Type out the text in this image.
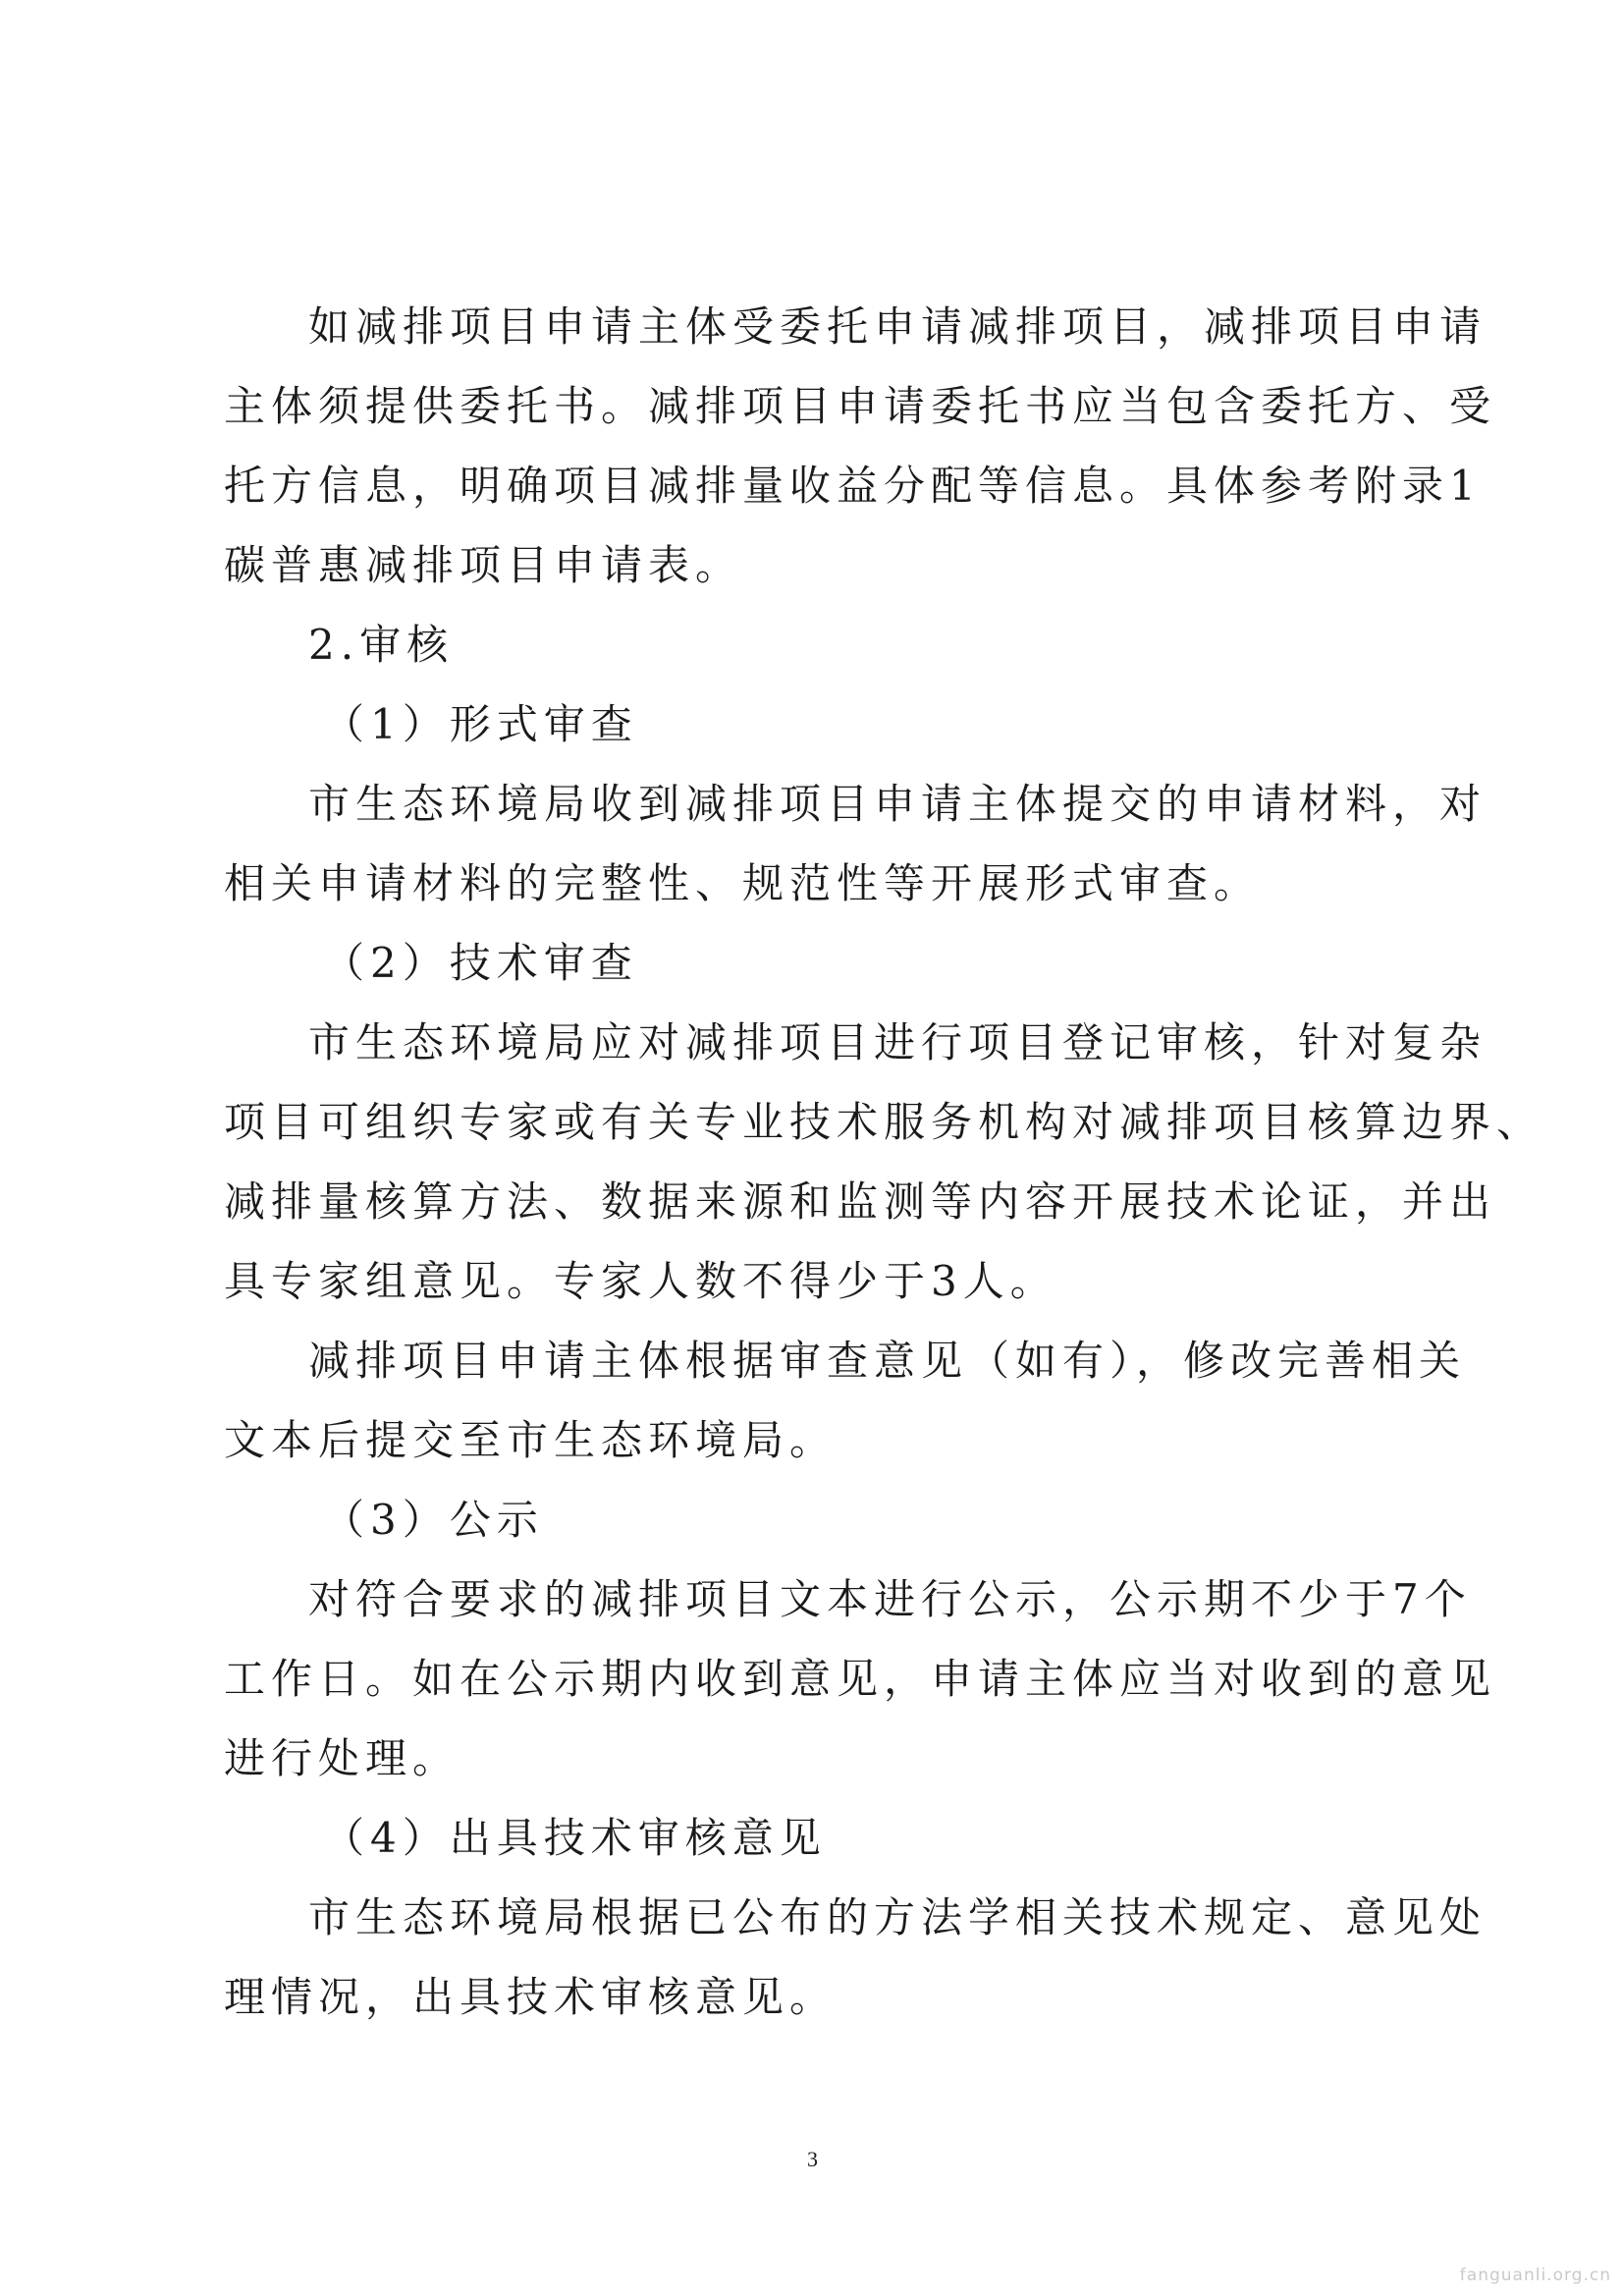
如减排项目申请主体受委托申请减排项目，减排项目申请
主体须提供委托书。减排项目申请委托书应当包含委托方、受
托方信息，明确项目减排量收益分配等信息。具体参考附录1
碳普惠减排项目申请表。
2.审核
（1）形式审查
市生态环境局收到减排项目申请主体提交的申请材料，对
相关申请材料的完整性、规范性等开展形式审查。
（2）技术审查
市生态环境局应对减排项目进行项目登记审核，针对复杂
项目可组织专家或有关专业技术服务机构对减排项目核算边界、
减排量核算方法、数据来源和监测等内容开展技术论证，并出
具专家组意见。专家人数不得少于3人。
减排项目申请主体根据审查意见（如有），修改完善相关
文本后提交至市生态环境局。
（3）公示
对符合要求的减排项目文本进行公示，公示期不少于7个
工作日。如在公示期内收到意见，申请主体应当对收到的意见
进行处理。
（4）出具技术审核意见
市生态环境局根据已公布的方法学相关技术规定、意见处
理情况，出具技术审核意见。
3
fanguanli.org.cn
